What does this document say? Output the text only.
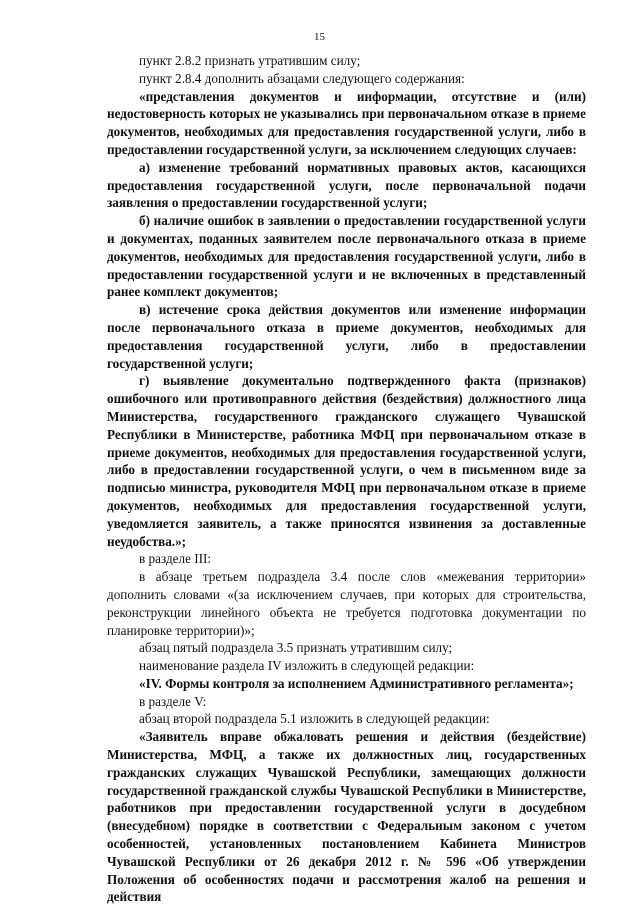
15

пункт 2.8.2 признать утратившим силу;

пункт 2.8.4 дополнить абзацами следующего содержания:

«представления документов и информации, отсутствие и (или) недостоверность которых не указывались при первоначальном отказе в приеме документов, необходимых для предоставления государственной услуги, либо в предоставлении государственной услуги, за исключением следующих случаев:

а) изменение требований нормативных правовых актов, касающихся предоставления государственной услуги, после первоначальной подачи заявления о предоставлении государственной услуги;

б) наличие ошибок в заявлении о предоставлении государственной услуги и документах, поданных заявителем после первоначального отказа в приеме документов, необходимых для предоставления государственной услуги, либо в предоставлении государственной услуги и не включенных в представленный ранее комплект документов;

в) истечение срока действия документов или изменение информации после первоначального отказа в приеме документов, необходимых для предоставления государственной услуги, либо в предоставлении государственной услуги;

г) выявление документально подтвержденного факта (признаков) ошибочного или противоправного действия (бездействия) должностного лица Министерства, государственного гражданского служащего Чувашской Республики в Министерстве, работника МФЦ при первоначальном отказе в приеме документов, необходимых для предоставления государственной услуги, либо в предоставлении государственной услуги, о чем в письменном виде за подписью министра, руководителя МФЦ при первоначальном отказе в приеме документов, необходимых для предоставления государственной услуги, уведомляется заявитель, а также приносятся извинения за доставленные неудобства.»;

в разделе III:

в абзаце третьем подраздела 3.4 после слов «межевания территории» дополнить словами «(за исключением случаев, при которых для строительства, реконструкции линейного объекта не требуется подготовка документации по планировке территории)»;

абзац пятый подраздела 3.5 признать утратившим силу;

наименование раздела IV изложить в следующей редакции:

«IV. Формы контроля за исполнением Административного регламента»;

в разделе V:

абзац второй подраздела 5.1 изложить в следующей редакции:

«Заявитель вправе обжаловать решения и действия (бездействие) Министерства, МФЦ, а также их должностных лиц, государственных гражданских служащих Чувашской Республики, замещающих должности государственной гражданской службы Чувашской Республики в Министерстве, работников при предоставлении государственной услуги в досудебном (внесудебном) порядке в соответствии с Федеральным законом с учетом особенностей, установленных постановлением Кабинета Министров Чувашской Республики от 26 декабря 2012 г. № 596 «Об утверждении Положения об особенностях подачи и рассмотрения жалоб на решения и действия
